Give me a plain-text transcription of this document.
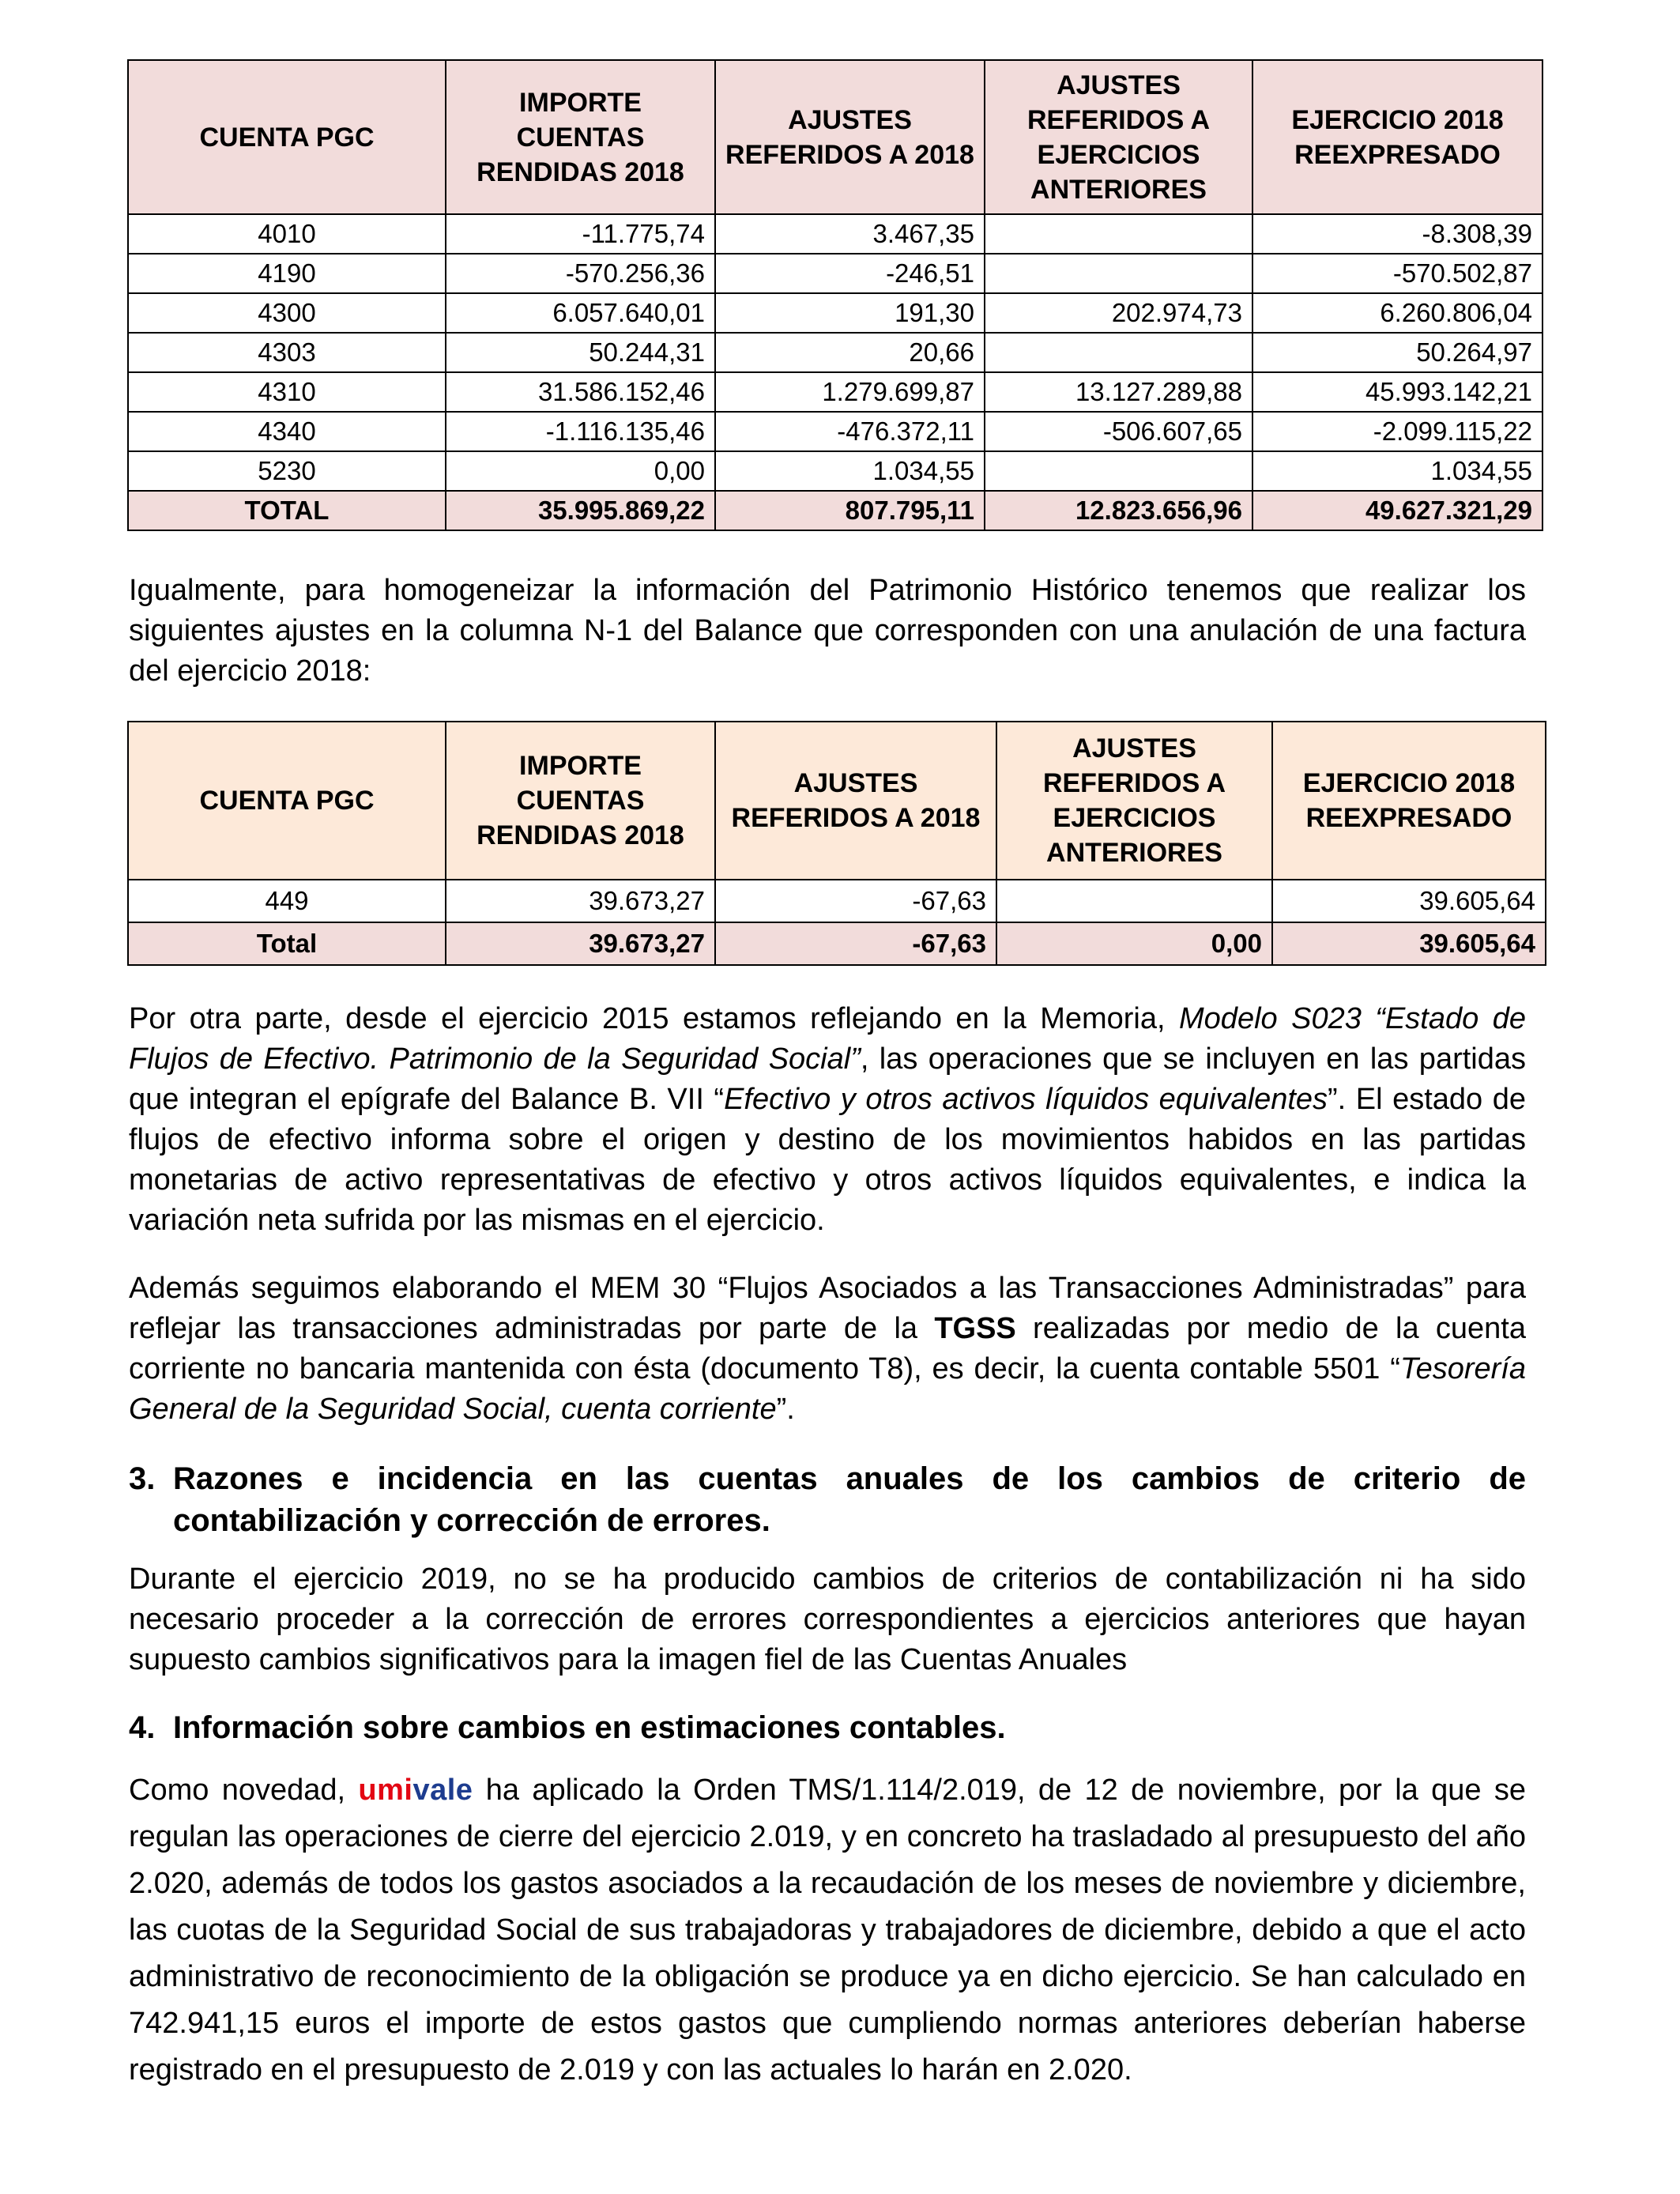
CUENTA PGC	IMPORTE CUENTAS RENDIDAS 2018	AJUSTES REFERIDOS A 2018	AJUSTES REFERIDOS A EJERCICIOS ANTERIORES	EJERCICIO 2018 REEXPRESADO
4010	-11.775,74	3.467,35		-8.308,39
4190	-570.256,36	-246,51		-570.502,87
4300	6.057.640,01	191,30	202.974,73	6.260.806,04
4303	50.244,31	20,66		50.264,97
4310	31.586.152,46	1.279.699,87	13.127.289,88	45.993.142,21
4340	-1.116.135,46	-476.372,11	-506.607,65	-2.099.115,22
5230	0,00	1.034,55		1.034,55
TOTAL	35.995.869,22	807.795,11	12.823.656,96	49.627.321,29

Igualmente, para homogeneizar la información del Patrimonio Histórico tenemos que realizar los siguientes ajustes en la columna N-1 del Balance que corresponden con una anulación de una factura del ejercicio 2018:

CUENTA PGC	IMPORTE CUENTAS RENDIDAS 2018	AJUSTES REFERIDOS A 2018	AJUSTES REFERIDOS A EJERCICIOS ANTERIORES	EJERCICIO 2018 REEXPRESADO
449	39.673,27	-67,63		39.605,64
Total	39.673,27	-67,63	0,00	39.605,64

Por otra parte, desde el ejercicio 2015 estamos reflejando en la Memoria, Modelo S023 “Estado de Flujos de Efectivo. Patrimonio de la Seguridad Social”, las operaciones que se incluyen en las partidas que integran el epígrafe del Balance B. VII “Efectivo y otros activos líquidos equivalentes”. El estado de flujos de efectivo informa sobre el origen y destino de los movimientos habidos en las partidas monetarias de activo representativas de efectivo y otros activos líquidos equivalentes, e indica la variación neta sufrida por las mismas en el ejercicio.

Además seguimos elaborando el MEM 30 “Flujos Asociados a las Transacciones Administradas” para reflejar las transacciones administradas por parte de la TGSS realizadas por medio de la cuenta corriente no bancaria mantenida con ésta (documento T8), es decir, la cuenta contable 5501 “Tesorería General de la Seguridad Social, cuenta corriente”.

3. Razones e incidencia en las cuentas anuales de los cambios de criterio de contabilización y corrección de errores.

Durante el ejercicio 2019, no se ha producido cambios de criterios de contabilización ni ha sido necesario proceder a la corrección de errores correspondientes a ejercicios anteriores que hayan supuesto cambios significativos para la imagen fiel de las Cuentas Anuales

4. Información sobre cambios en estimaciones contables.

Como novedad, umivale ha aplicado la Orden TMS/1.114/2.019, de 12 de noviembre, por la que se regulan las operaciones de cierre del ejercicio 2.019, y en concreto ha trasladado al presupuesto del año 2.020, además de todos los gastos asociados a la recaudación de los meses de noviembre y diciembre, las cuotas de la Seguridad Social de sus trabajadoras y trabajadores de diciembre, debido a que el acto administrativo de reconocimiento de la obligación se produce ya en dicho ejercicio. Se han calculado en 742.941,15 euros el importe de estos gastos que cumpliendo normas anteriores deberían haberse registrado en el presupuesto de 2.019 y con las actuales lo harán en 2.020.
